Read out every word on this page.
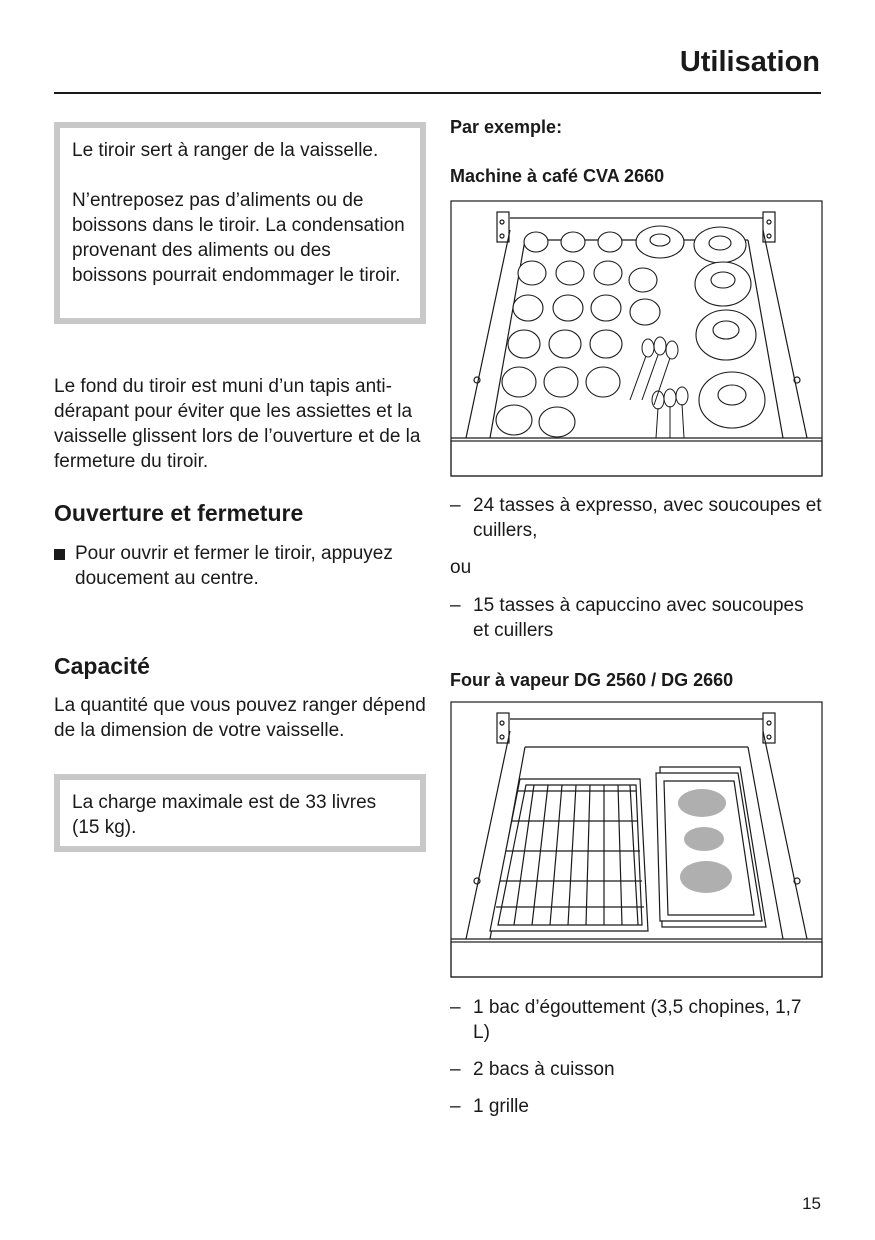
Utilisation

Le tiroir sert à ranger de la vaisselle.

N’entreposez pas d’aliments ou de boissons dans le tiroir. La condensation provenant des aliments ou des boissons pourrait endommager le tiroir.

Le fond du tiroir est muni d’un tapis anti-dérapant pour éviter que les assiettes et la vaisselle glissent lors de l’ouverture et de la fermeture du tiroir.
Ouverture et fermeture
Pour ouvrir et fermer le tiroir, appuyez doucement au centre.
Capacité
La quantité que vous pouvez ranger dépend de la dimension de votre vaisselle.

La charge maximale est de 33 livres (15 kg).

Par exemple:
Machine à café CVA 2660
– 24 tasses à expresso, avec soucoupes et cuillers,
ou
– 15 tasses à capuccino avec soucoupes et cuillers
Four à vapeur DG 2560 / DG 2660
– 1 bac d’égouttement (3,5 chopines, 1,7 L)
– 2 bacs à cuisson
– 1 grille
15
